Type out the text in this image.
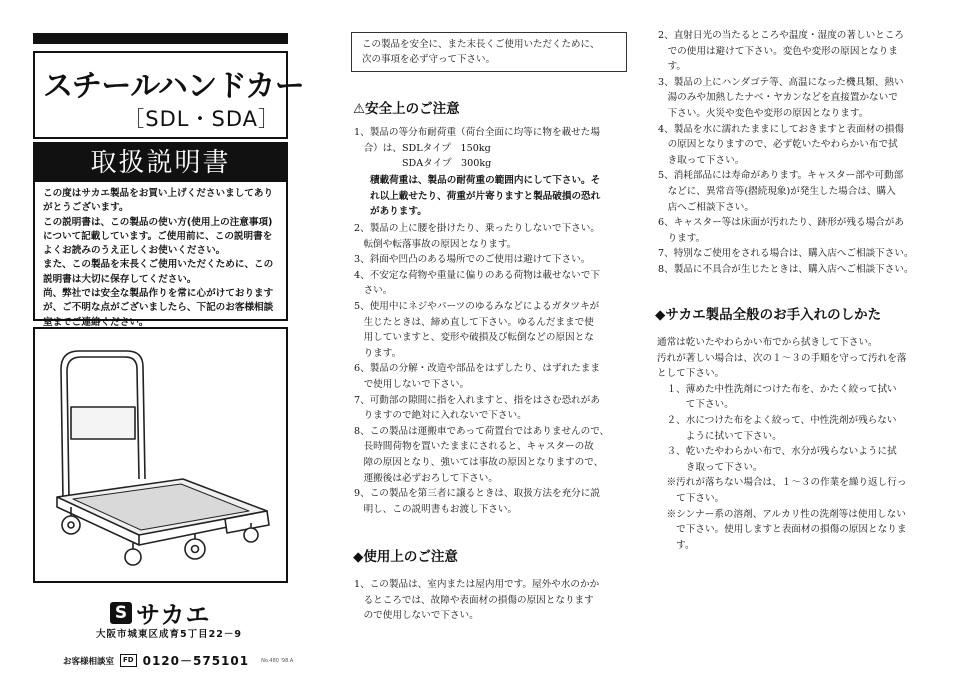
スチールハンドカー
［SDL・SDA］
取扱説明書
この度はサカエ製品をお買い上げくださいましてあり
がとうございます。
この説明書は、この製品の使い方(使用上の注意事項)
について記載しています。ご使用前に、この説明書を
よくお読みのうえ正しくお使いください。
また、この製品を末長くご使用いただくために、この
説明書は大切に保存してください。
尚、弊社では安全な製品作りを常に心がけております
が、ご不明な点がございましたら、下記のお客様相談
室までご連絡ください。
S サカエ
大阪市城東区成育5丁目22－9
お客様相談室	FD 0120－575101 No.480 '98.A
この製品を安全に、また末長くご使用いただくために、
次の事項を必ず守って下さい。
⚠安全上のご注意
1、製品の等分布耐荷重（荷台全面に均等に物を載せた場
　合）は、SDLタイプ　150kg
　　　　　SDAタイプ　300kg
積載荷重は、製品の耐荷重の範囲内にして下さい。そ
れ以上載せたり、荷重が片寄りますと製品破損の恐れ
があります。
2、製品の上に腰を掛けたり、乗ったりしないで下さい。
　転倒や転落事故の原因となります。
3、斜面や凹凸のある場所でのご使用は避けて下さい。
4、不安定な荷物や重量に偏りのある荷物は載せないで下
　さい。
5、使用中にネジやパーツのゆるみなどによるガタツキが
　生じたときは、締め直して下さい。ゆるんだままで使
　用していますと、変形や破損及び転倒などの原因とな
　ります。
6、製品の分解・改造や部品をはずしたり、はずれたまま
　で使用しないで下さい。
7、可動部の隙間に指を入れますと、指をはさむ恐れがあ
　りますので絶対に入れないで下さい。
8、この製品は運搬車であって荷置台ではありませんので、
　長時間荷物を置いたままにされると、キャスターの故
　障の原因となり、強いては事故の原因となりますので、
　運搬後は必ずおろして下さい。
9、この製品を第三者に譲るときは、取扱方法を充分に説
　明し、この説明書もお渡し下さい。
◆使用上のご注意
1、この製品は、室内または屋内用です。屋外や水のかか
　るところでは、故障や表面材の損傷の原因となります
　ので使用しないで下さい。
2、直射日光の当たるところや温度・湿度の著しいところ
　での使用は避けて下さい。変色や変形の原因となりま
　す。
3、製品の上にハンダゴテ等、高温になった機具類、熱い
　湯のみや加熱したナベ・ヤカンなどを直接置かないで
　下さい。火災や変色や変形の原因となります。
4、製品を水に濡れたままにしておきますと表面材の損傷
　の原因となりますので、必ず乾いたやわらかい布で拭
　き取って下さい。
5、消耗部品には寿命があります。キャスター部や可動部
　などに、異常音等(摺続現象)が発生した場合は、購入
　店へご相談下さい。
6、キャスター等は床面が汚れたり、跡形が残る場合があ
　ります。
7、特別なご使用をされる場合は、購入店へご相談下さい。
8、製品に不具合が生じたときは、購入店へご相談下さい。
◆サカエ製品全般のお手入れのしかた
通常は乾いたやわらかい布でから拭きして下さい。
汚れが著しい場合は、次の１～３の手順を守って汚れを落
として下さい。
　１、薄めた中性洗剤につけた布を、かたく絞って拭い
　　　て下さい。
　２、水につけた布をよく絞って、中性洗剤が残らない
　　　ように拭いて下さい。
　３、乾いたやわらかい布で、水分が残らないように拭
　　　き取って下さい。
　※汚れが落ちない場合は、１～３の作業を繰り返し行っ
　　て下さい。
　※シンナー系の溶剤、アルカリ性の洗剤等は使用しない
　　で下さい。使用しますと表面材の損傷の原因となりま
　　す。
